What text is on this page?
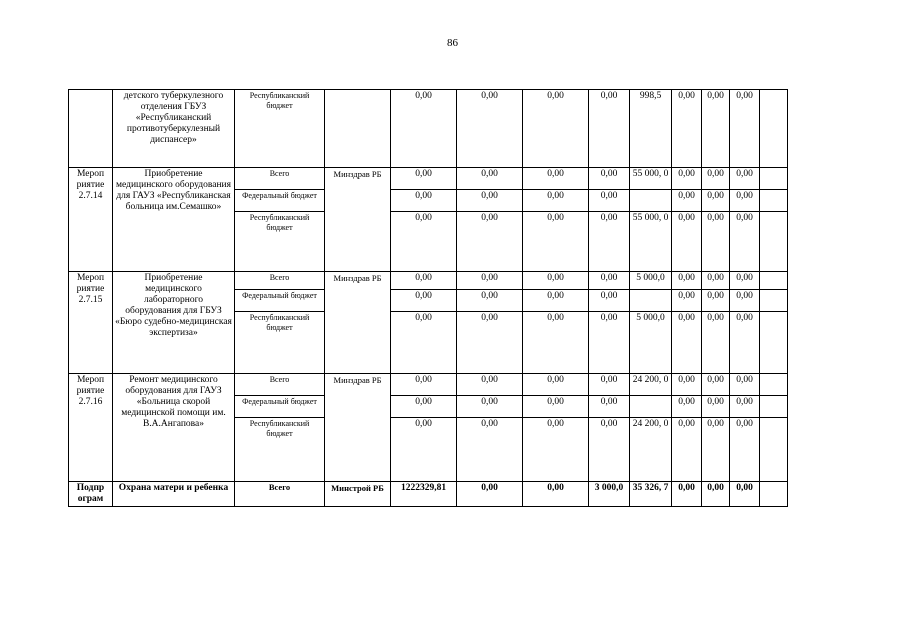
86
	детского туберкулезного отделения ГБУЗ «Республиканский противотуберкулезный диспансер»	Республиканский бюджет		0,00	0,00	0,00	0,00	998,5	0,00	0,00	0,00	
Мероп риятие 2.7.14	Приобретение медицинского оборудования для ГАУЗ «Республиканская больница им.Семашко»	Всего	Минздрав РБ	0,00	0,00	0,00	0,00	55 000, 0	0,00	0,00	0,00	
		Федеральный бюджет		0,00	0,00	0,00	0,00		0,00	0,00	0,00	
		Республиканский бюджет		0,00	0,00	0,00	0,00	55 000, 0	0,00	0,00	0,00	
Мероп риятие 2.7.15	Приобретение медицинского лабораторного оборудования для ГБУЗ «Бюро судебно-медицинская экспертиза»	Всего	Минздрав РБ	0,00	0,00	0,00	0,00	5 000,0	0,00	0,00	0,00	
		Федеральный бюджет		0,00	0,00	0,00	0,00		0,00	0,00	0,00	
		Республиканский бюджет		0,00	0,00	0,00	0,00	5 000,0	0,00	0,00	0,00	
Мероп риятие 2.7.16	Ремонт медицинского оборудования для ГАУЗ «Больница скорой медицинской помощи им. В.А.Ангапова»	Всего	Минздрав РБ	0,00	0,00	0,00	0,00	24 200, 0	0,00	0,00	0,00	
		Федеральный бюджет		0,00	0,00	0,00	0,00		0,00	0,00	0,00	
		Республиканский бюджет		0,00	0,00	0,00	0,00	24 200, 0	0,00	0,00	0,00	
Подпр ограм	Охрана матери и ребенка	Всего	Минстрой РБ	1222329,81	0,00	0,00	3 000,0	35 326, 7	0,00	0,00	0,00	
